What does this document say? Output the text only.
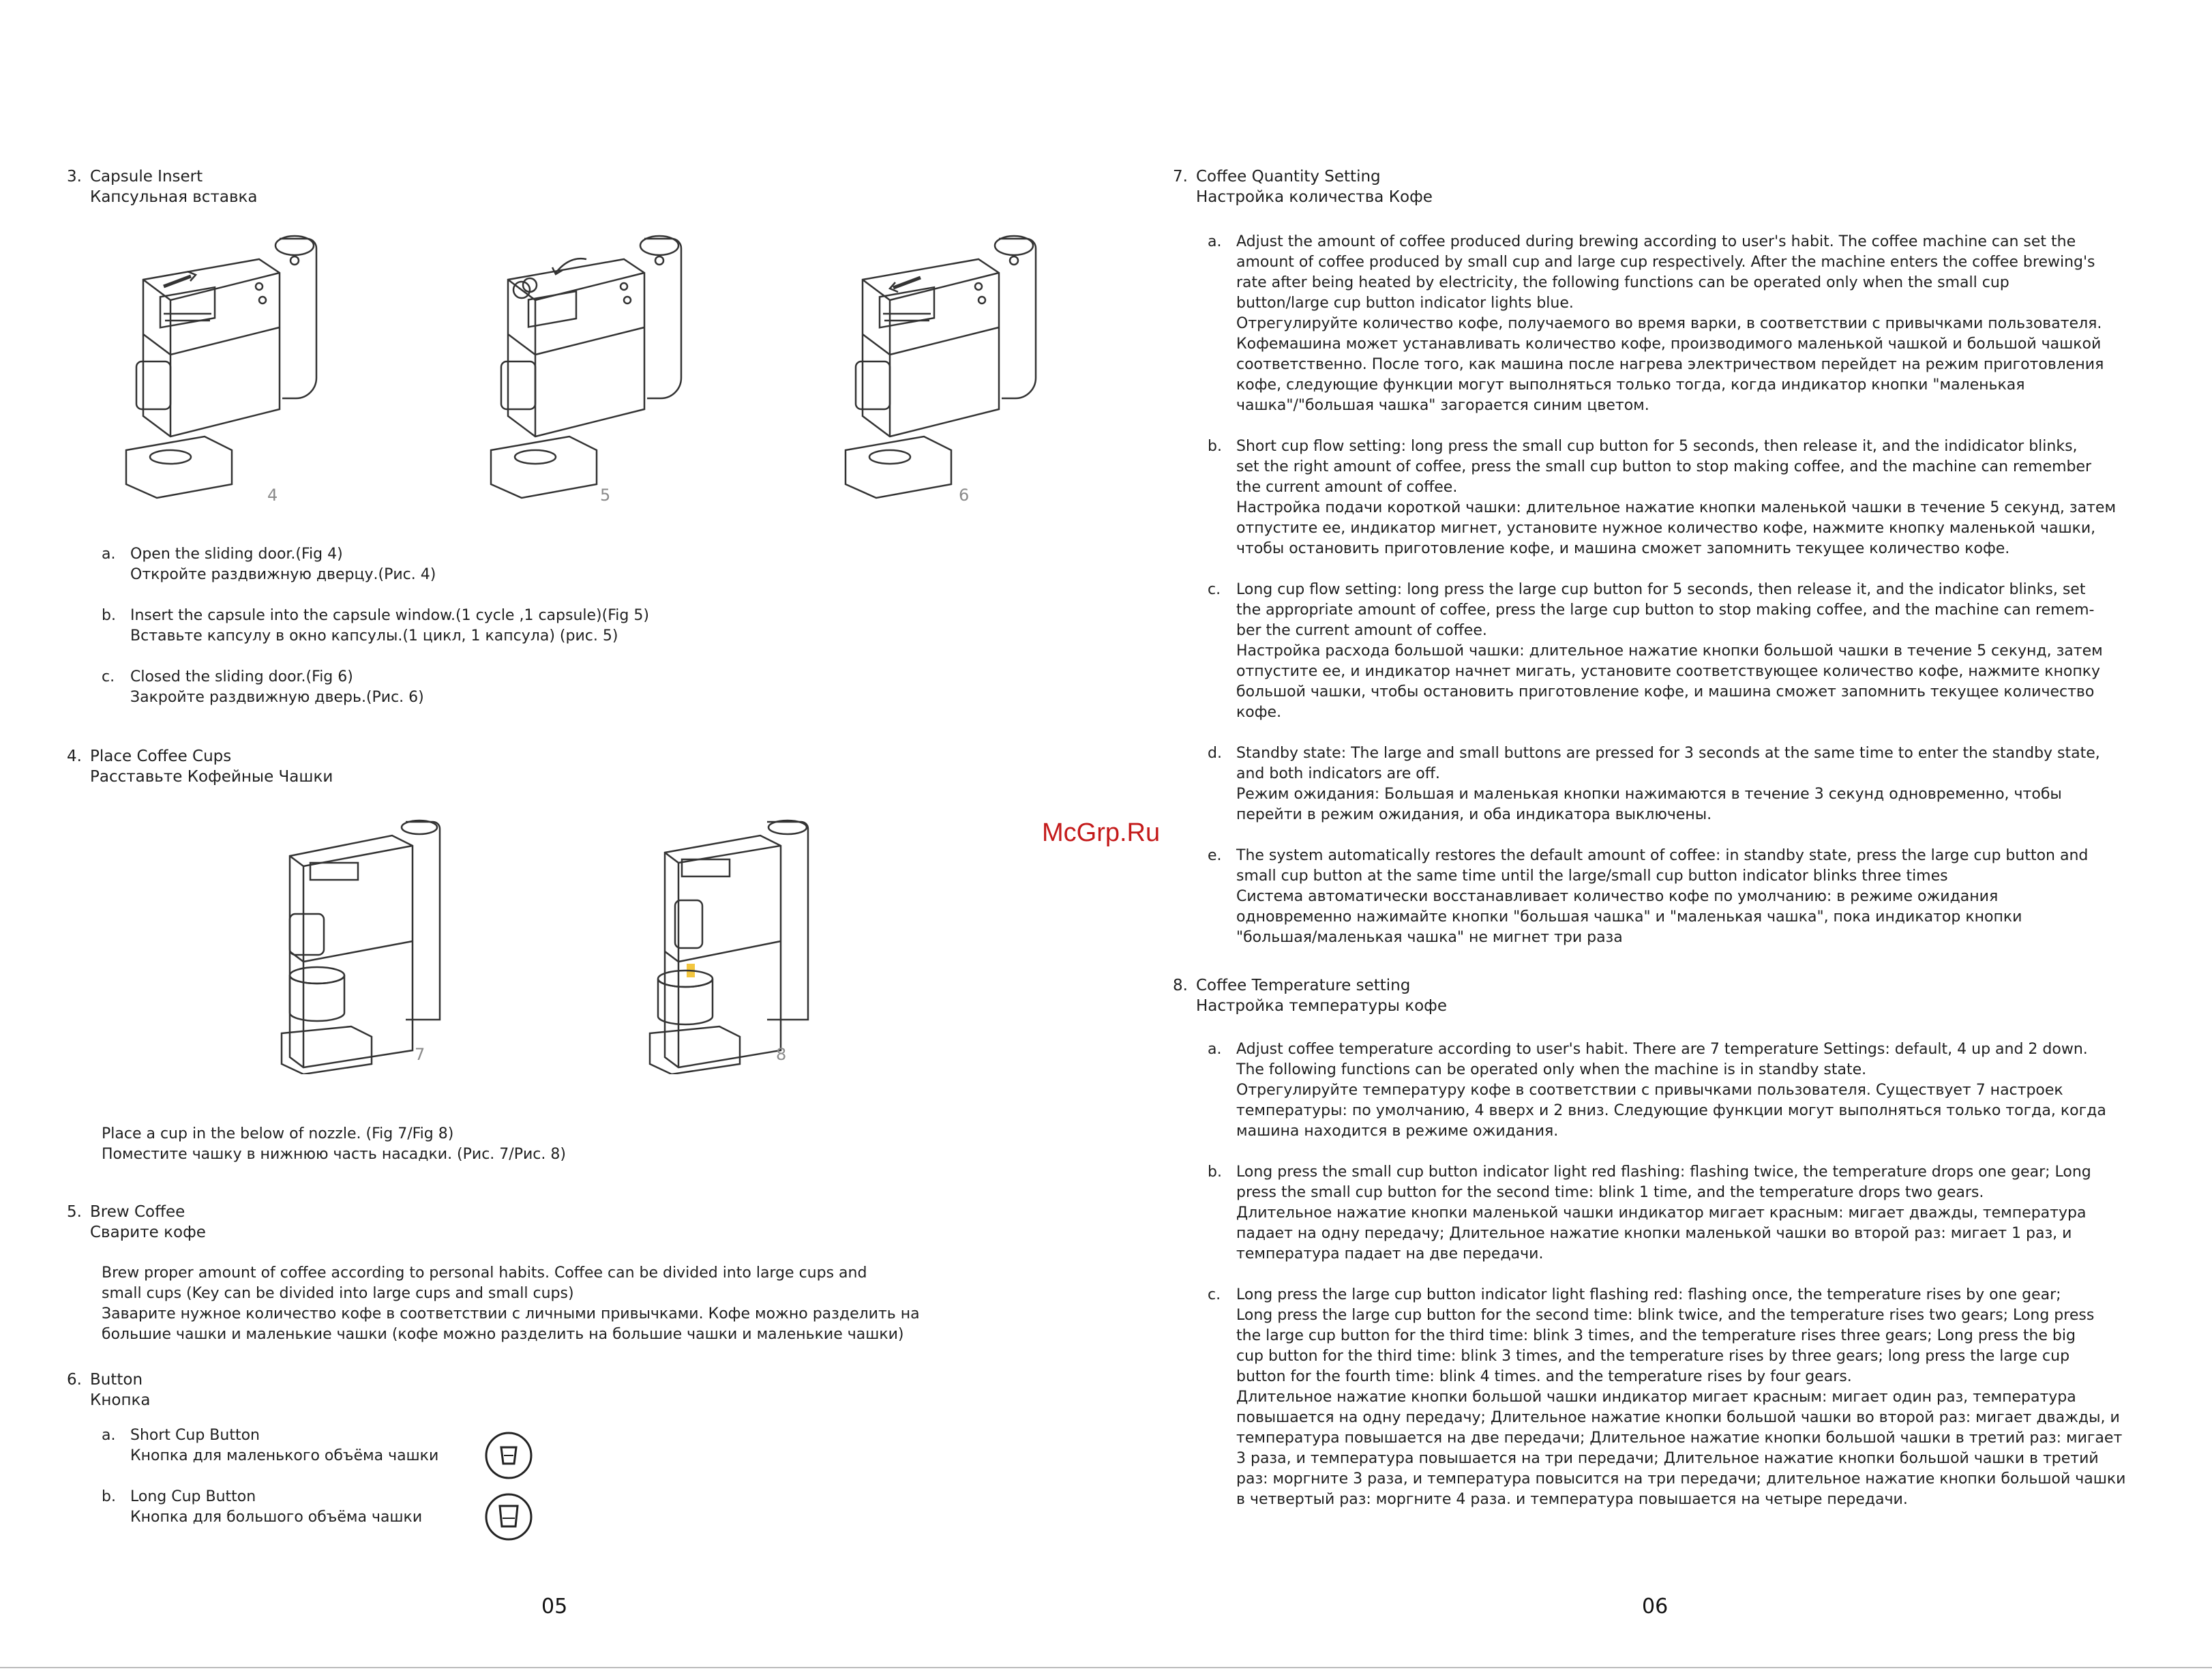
3. Capsule Insert
Капсульная вставка
4	5	6
a. Open the sliding door.(Fig 4)
Откройте раздвижную дверцу.(Рис. 4)
b. Insert the capsule into the capsule window.(1 cycle ,1 capsule)(Fig 5)
Вставьте капсулу в окно капсулы.(1 цикл, 1 капсула) (рис. 5)
c. Closed the sliding door.(Fig 6)
Закройте раздвижную дверь.(Рис. 6)
4. Place Coffee Cups
Расставьте Кофейные Чашки
7	8
Place a cup in the below of nozzle. (Fig 7/Fig 8)
Поместите чашку в нижнюю часть насадки. (Рис. 7/Рис. 8)
5. Brew Coffee
Сварите кофе
Brew proper amount of coffee according to personal habits. Coffee can be divided into large cups and
small cups (Key can be divided into large cups and small cups)
Заварите нужное количество кофе в соответствии с личными привычками. Кофе можно разделить на
большие чашки и маленькие чашки (кофе можно разделить на большие чашки и маленькие чашки)
6. Button
Кнопка
a. Short Cup Button
Кнопка для маленького объёма чашки
b. Long Cup Button
Кнопка для большого объёма чашки
05
7. Coffee Quantity Setting
Настройка количества Кофе
a. Adjust the amount of coffee produced during brewing according to user's habit. The coffee machine can set the
amount of coffee produced by small cup and large cup respectively. After the machine enters the coffee brewing's
rate after being heated by electricity, the following functions can be operated only when the small cup
button/large cup button indicator lights blue.
Отрегулируйте количество кофе, получаемого во время варки, в соответствии с привычками пользователя.
Кофемашина может устанавливать количество кофе, производимого маленькой чашкой и большой чашкой
соответственно. После того, как машина после нагрева электричеством перейдет на режим приготовления
кофе, следующие функции могут выполняться только тогда, когда индикатор кнопки "маленькая
чашка"/"большая чашка" загорается синим цветом.
b. Short cup flow setting: long press the small cup button for 5 seconds, then release it, and the indidicator blinks,
set the right amount of coffee, press the small cup button to stop making coffee, and the machine can remember
the current amount of coffee.
Настройка подачи короткой чашки: длительное нажатие кнопки маленькой чашки в течение 5 секунд, затем
отпустите ее, индикатор мигнет, установите нужное количество кофе, нажмите кнопку маленькой чашки,
чтобы остановить приготовление кофе, и машина сможет запомнить текущее количество кофе.
c. Long cup flow setting: long press the large cup button for 5 seconds, then release it, and the indicator blinks, set
the appropriate amount of coffee, press the large cup button to stop making coffee, and the machine can remem-
ber the current amount of coffee.
Настройка расхода большой чашки: длительное нажатие кнопки большой чашки в течение 5 секунд, затем
отпустите ее, и индикатор начнет мигать, установите соответствующее количество кофе, нажмите кнопку
большой чашки, чтобы остановить приготовление кофе, и машина сможет запомнить текущее количество
кофе.
d. Standby state: The large and small buttons are pressed for 3 seconds at the same time to enter the standby state,
and both indicators are off.
Режим ожидания: Большая и маленькая кнопки нажимаются в течение 3 секунд одновременно, чтобы
перейти в режим ожидания, и оба индикатора выключены.
e. The system automatically restores the default amount of coffee: in standby state, press the large cup button and
small cup button at the same time until the large/small cup button indicator blinks three times
Система автоматически восстанавливает количество кофе по умолчанию: в режиме ожидания
одновременно нажимайте кнопки "большая чашка" и "маленькая чашка", пока индикатор кнопки
"большая/маленькая чашка" не мигнет три раза
8. Coffee Temperature setting
Настройка температуры кофе
a. Adjust coffee temperature according to user's habit. There are 7 temperature Settings: default, 4 up and 2 down.
The following functions can be operated only when the machine is in standby state.
Отрегулируйте температуру кофе в соответствии с привычками пользователя. Существует 7 настроек
температуры: по умолчанию, 4 вверх и 2 вниз. Следующие функции могут выполняться только тогда, когда
машина находится в режиме ожидания.
b. Long press the small cup button indicator light red flashing: flashing twice, the temperature drops one gear; Long
press the small cup button for the second time: blink 1 time, and the temperature drops two gears.
Длительное нажатие кнопки маленькой чашки индикатор мигает красным: мигает дважды, температура
падает на одну передачу; Длительное нажатие кнопки маленькой чашки во второй раз: мигает 1 раз, и
температура падает на две передачи.
c. Long press the large cup button indicator light flashing red: flashing once, the temperature rises by one gear;
Long press the large cup button for the second time: blink twice, and the temperature rises two gears; Long press
the large cup button for the third time: blink 3 times, and the temperature rises three gears; Long press the big
cup button for the third time: blink 3 times, and the temperature rises by three gears; long press the large cup
button for the fourth time: blink 4 times. and the temperature rises by four gears.
Длительное нажатие кнопки большой чашки индикатор мигает красным: мигает один раз, температура
повышается на одну передачу; Длительное нажатие кнопки большой чашки во второй раз: мигает дважды, и
температура повышается на две передачи; Длительное нажатие кнопки большой чашки в третий раз: мигает
3 раза, и температура повышается на три передачи; Длительное нажатие кнопки большой чашки в третий
раз: моргните 3 раза, и температура повысится на три передачи; длительное нажатие кнопки большой чашки
в четвертый раз: моргните 4 раза. и температура повышается на четыре передачи.
06
McGrp.Ru
